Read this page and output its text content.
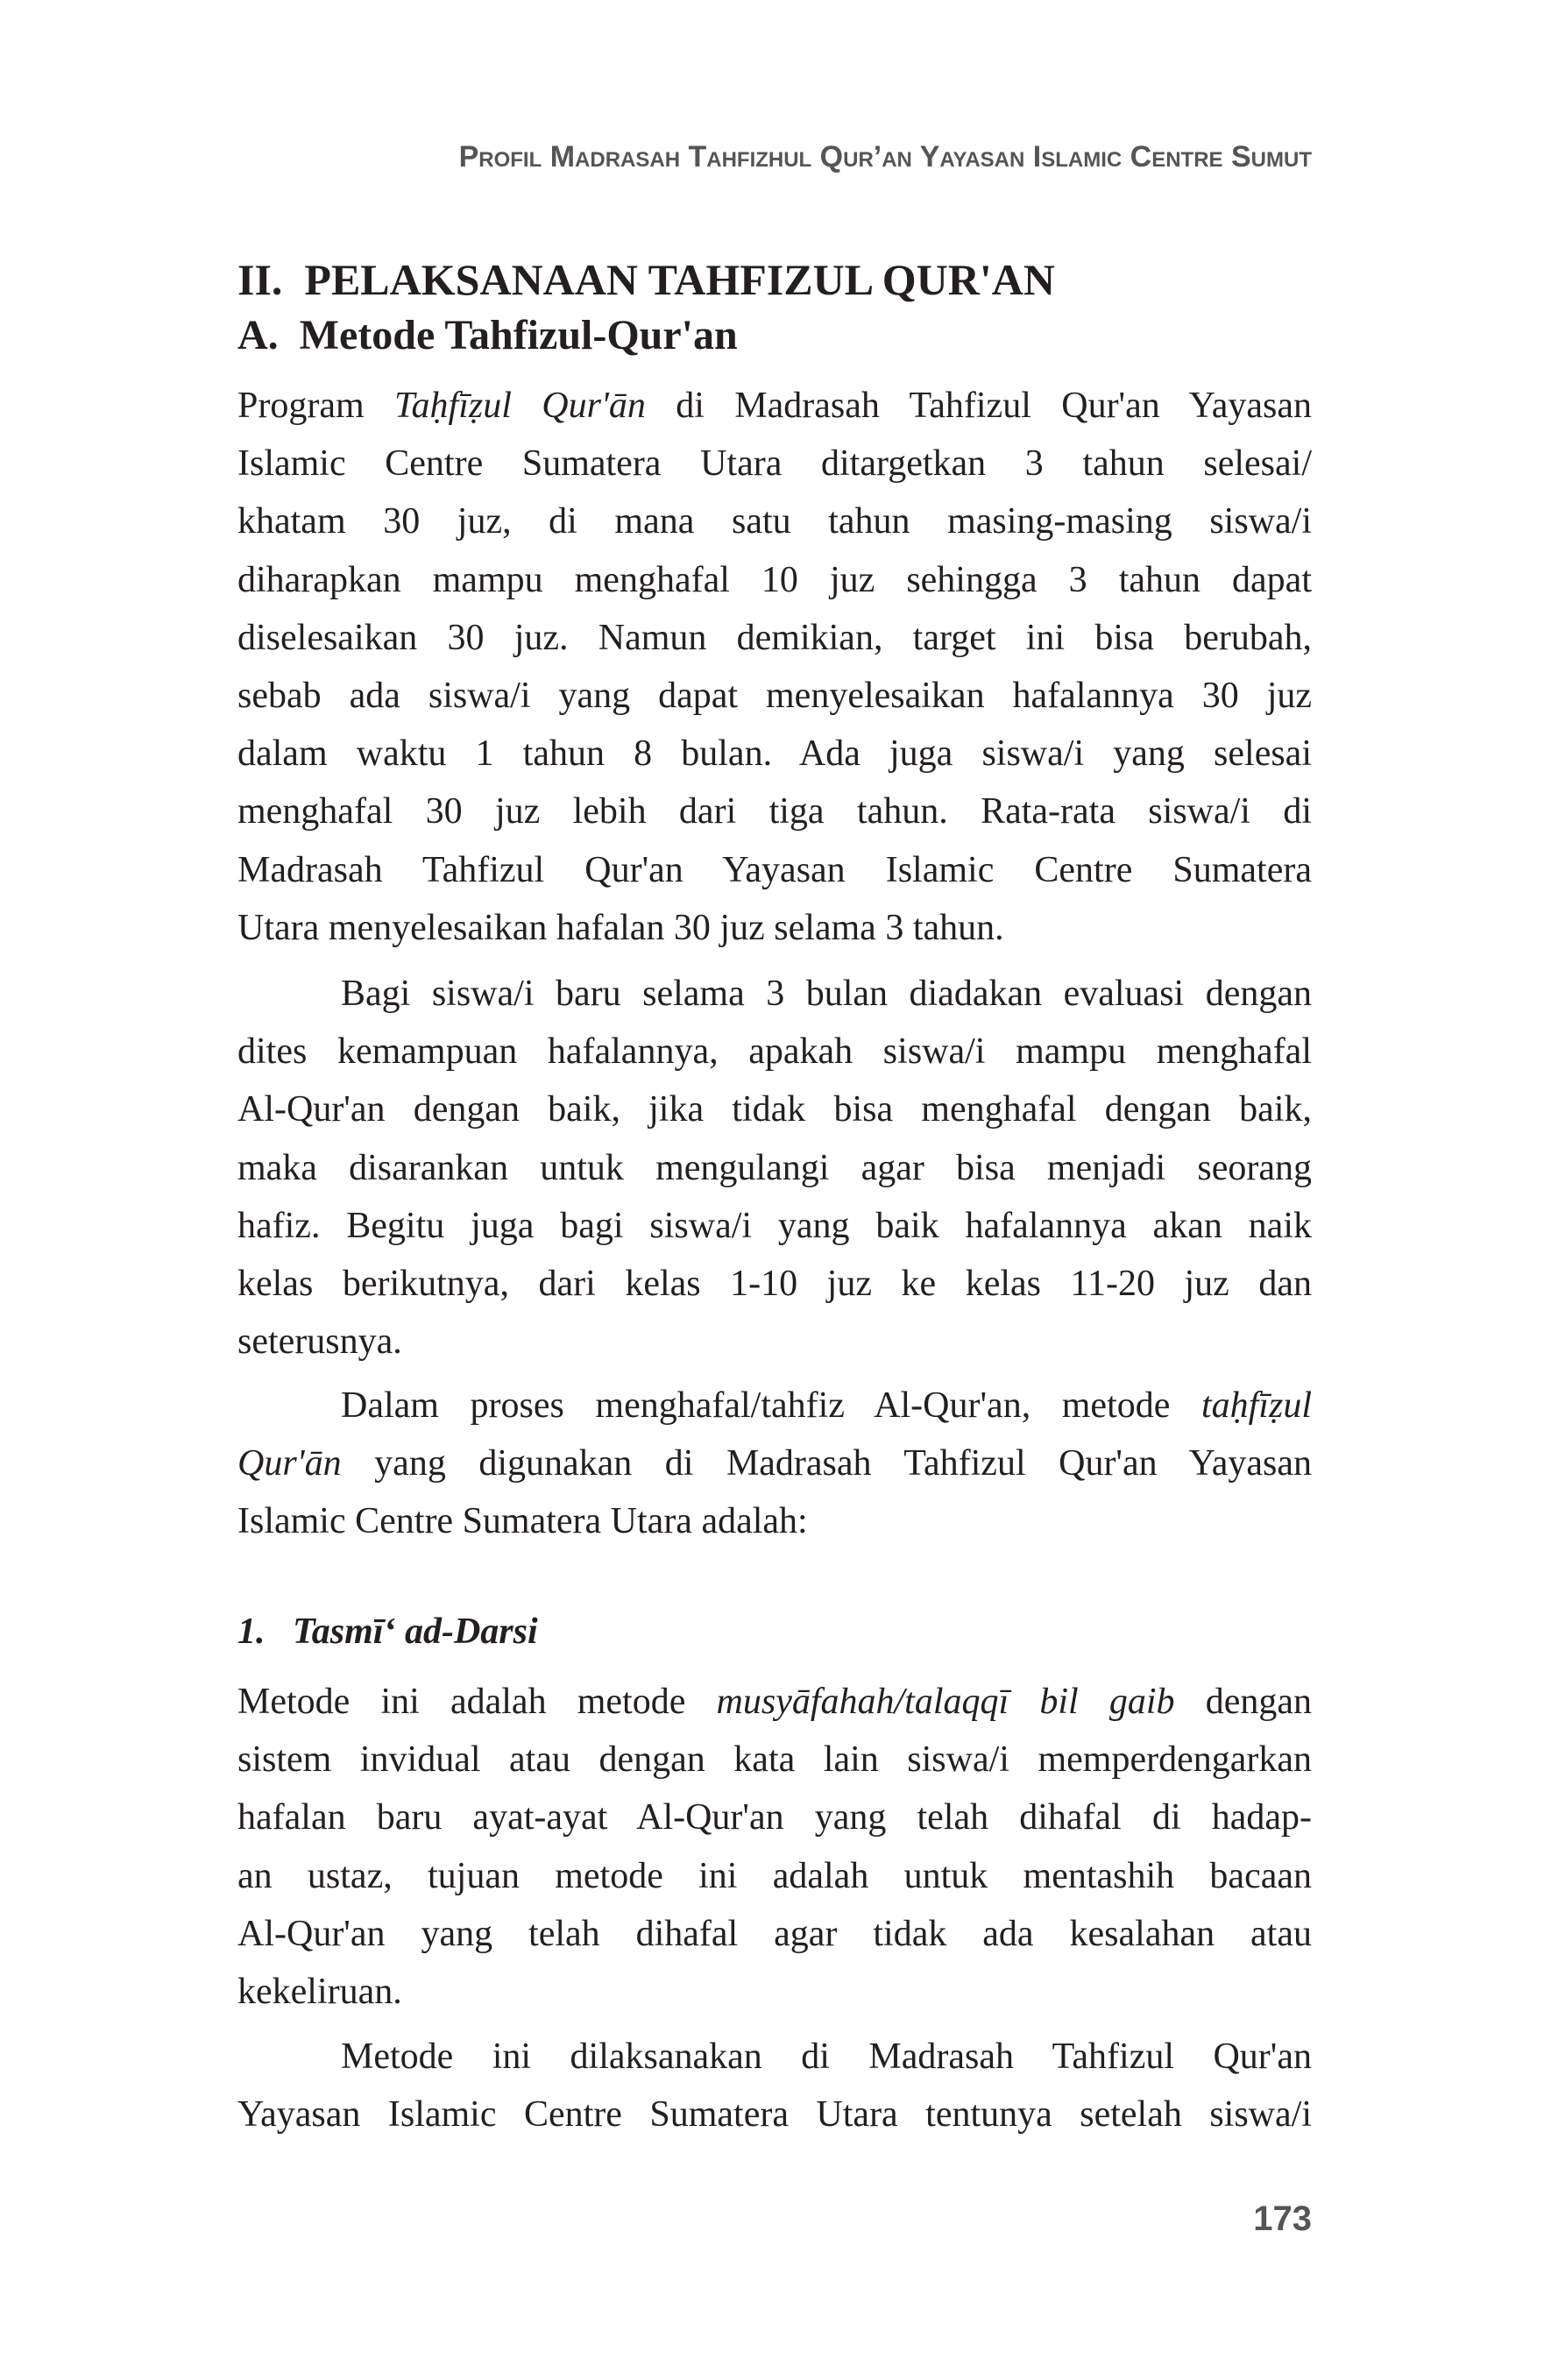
Profil Madrasah Tahfizhul Qur’an Yayasan Islamic Centre Sumut
II.  PELAKSANAAN TAHFIZUL QUR'AN
A.  Metode Tahfizul-Qur'an
Program Taḥfīẓul Qur'ān di Madrasah Tahfizul Qur'an Yayasan
Islamic Centre Sumatera Utara ditargetkan 3 tahun selesai/
khatam 30 juz, di mana satu tahun masing-masing siswa/i
diharapkan mampu menghafal 10 juz sehingga 3 tahun dapat
diselesaikan 30 juz. Namun demikian, target ini bisa berubah,
sebab ada siswa/i yang dapat menyelesaikan hafalannya 30 juz
dalam waktu 1 tahun 8 bulan. Ada juga siswa/i yang selesai
menghafal 30 juz lebih dari tiga tahun. Rata-rata siswa/i di
Madrasah Tahfizul Qur'an Yayasan Islamic Centre Sumatera
Utara menyelesaikan hafalan 30 juz selama 3 tahun.
Bagi siswa/i baru selama 3 bulan diadakan evaluasi dengan
dites kemampuan hafalannya, apakah siswa/i mampu menghafal
Al-Qur'an dengan baik, jika tidak bisa menghafal dengan baik,
maka disarankan untuk mengulangi agar bisa menjadi seorang
hafiz. Begitu juga bagi siswa/i yang baik hafalannya akan naik
kelas berikutnya, dari kelas 1-10 juz ke kelas 11-20 juz dan
seterusnya.
Dalam proses menghafal/tahfiz Al-Qur'an, metode taḥfīẓul
Qur'ān yang digunakan di Madrasah Tahfizul Qur'an Yayasan
Islamic Centre Sumatera Utara adalah:
1.   Tasmī‘ ad-Darsi
Metode ini adalah metode musyāfahah/talaqqī bil gaib dengan
sistem invidual atau dengan kata lain siswa/i memperdengarkan
hafalan baru ayat-ayat Al-Qur'an yang telah dihafal di hadap-
an ustaz, tujuan metode ini adalah untuk mentashih bacaan
Al-Qur'an yang telah dihafal agar tidak ada kesalahan atau
kekeliruan.
Metode ini dilaksanakan di Madrasah Tahfizul Qur'an
Yayasan Islamic Centre Sumatera Utara tentunya setelah siswa/i
173
